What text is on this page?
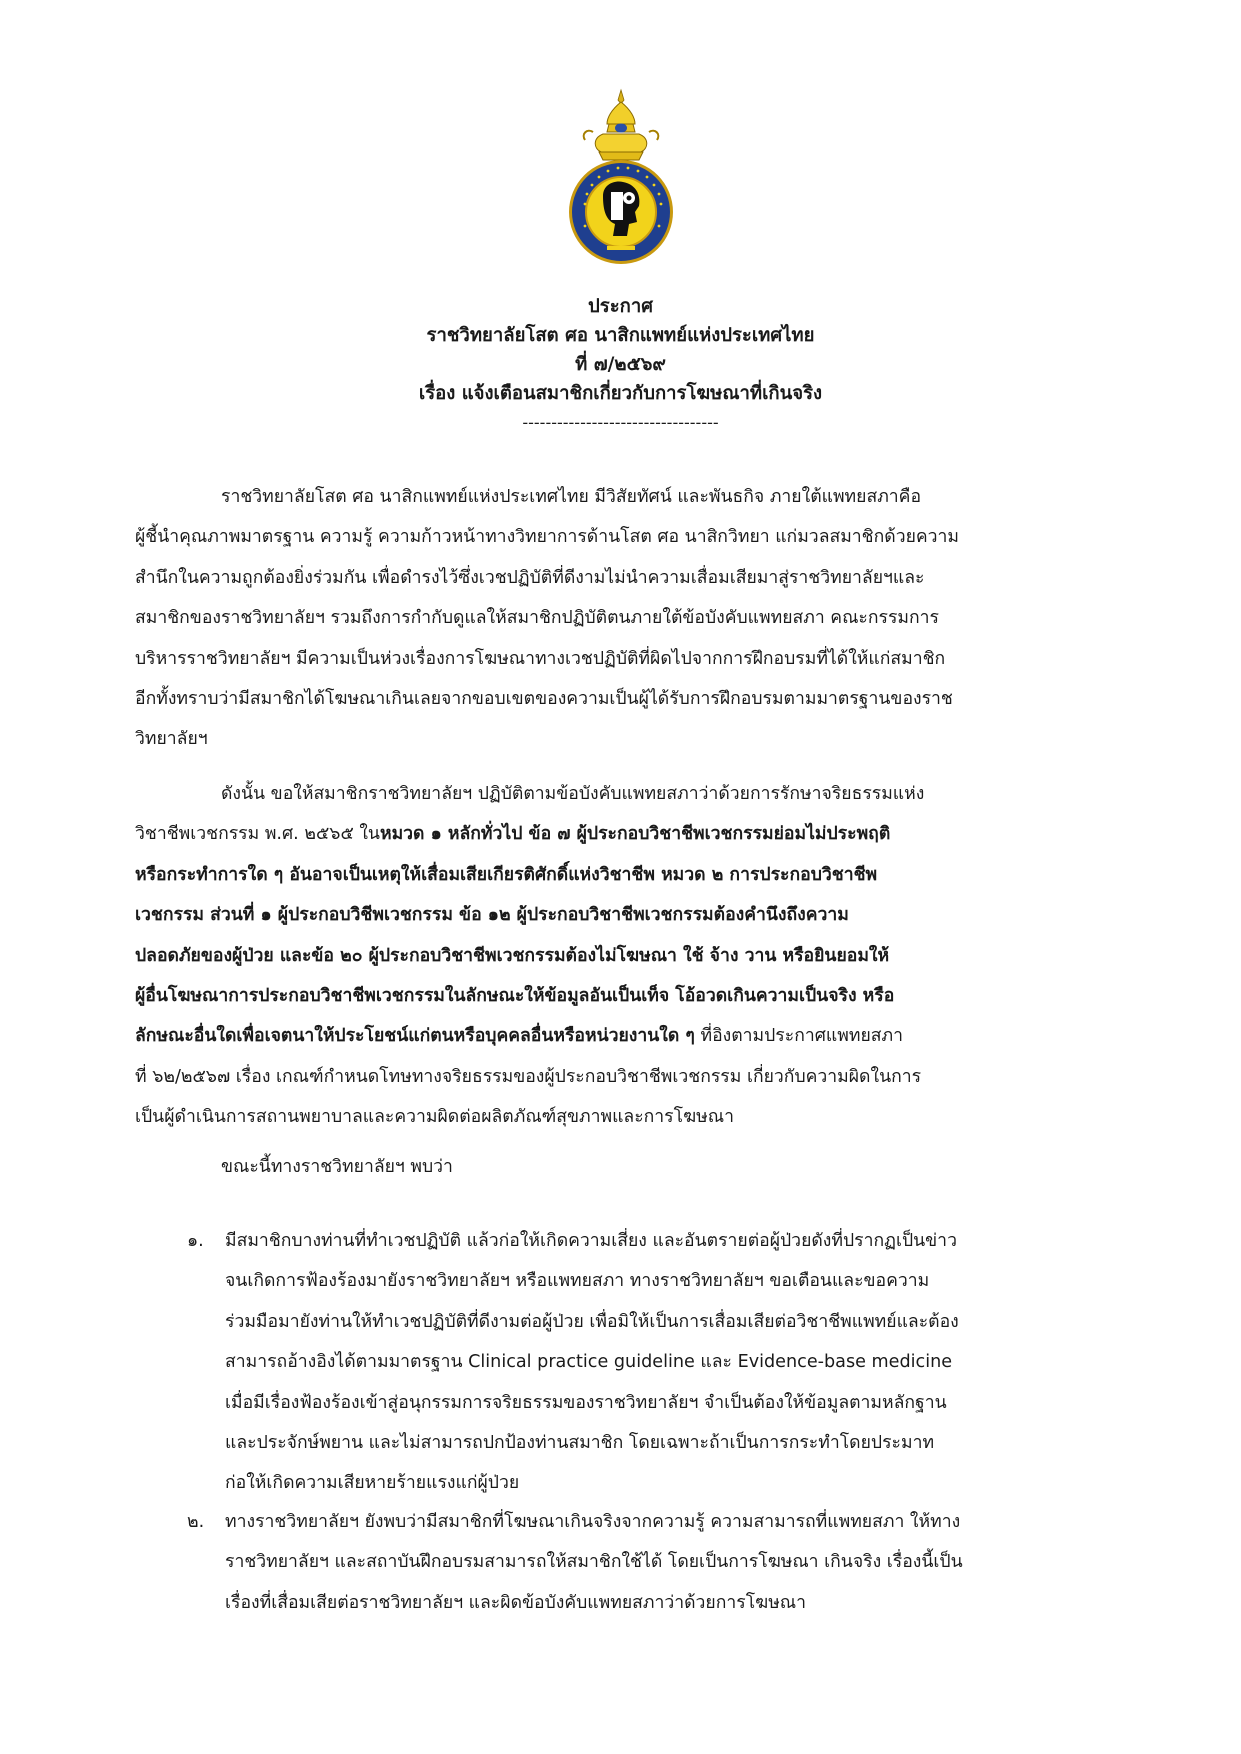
ประกาศ
ราชวิทยาลัยโสต ศอ นาสิกแพทย์แห่งประเทศไทย
ที่ ๗/๒๕๖๙
เรื่อง แจ้งเตือนสมาชิกเกี่ยวกับการโฆษณาที่เกินจริง
----------------------------------
ราชวิทยาลัยโสต ศอ นาสิกแพทย์แห่งประเทศไทย มีวิสัยทัศน์ และพันธกิจ ภายใต้แพทยสภาคือ
ผู้ชี้นำคุณภาพมาตรฐาน ความรู้ ความก้าวหน้าทางวิทยาการด้านโสต ศอ นาสิกวิทยา แก่มวลสมาชิกด้วยความ
สำนึกในความถูกต้องยิ่งร่วมกัน เพื่อดำรงไว้ซึ่งเวชปฏิบัติที่ดีงามไม่นำความเสื่อมเสียมาสู่ราชวิทยาลัยฯและ
สมาชิกของราชวิทยาลัยฯ รวมถึงการกำกับดูแลให้สมาชิกปฏิบัติตนภายใต้ข้อบังคับแพทยสภา คณะกรรมการ
บริหารราชวิทยาลัยฯ มีความเป็นห่วงเรื่องการโฆษณาทางเวชปฏิบัติที่ผิดไปจากการฝึกอบรมที่ได้ให้แก่สมาชิก
อีกทั้งทราบว่ามีสมาชิกได้โฆษณาเกินเลยจากขอบเขตของความเป็นผู้ได้รับการฝึกอบรมตามมาตรฐานของราช
วิทยาลัยฯ
ดังนั้น ขอให้สมาชิกราชวิทยาลัยฯ ปฏิบัติตามข้อบังคับแพทยสภาว่าด้วยการรักษาจริยธรรมแห่ง
วิชาชีพเวชกรรม พ.ศ. ๒๕๖๕ ในหมวด ๑ หลักทั่วไป ข้อ ๗ ผู้ประกอบวิชาชีพเวชกรรมย่อมไม่ประพฤติ
หรือกระทำการใด ๆ อันอาจเป็นเหตุให้เสื่อมเสียเกียรติศักดิ์แห่งวิชาชีพ หมวด ๒ การประกอบวิชาชีพ
เวชกรรม ส่วนที่ ๑ ผู้ประกอบวิชีพเวชกรรม ข้อ ๑๒ ผู้ประกอบวิชาชีพเวชกรรมต้องคำนึงถึงความ
ปลอดภัยของผู้ป่วย และข้อ ๒๐ ผู้ประกอบวิชาชีพเวชกรรมต้องไม่โฆษณา ใช้ จ้าง วาน หรือยินยอมให้
ผู้อื่นโฆษณาการประกอบวิชาชีพเวชกรรมในลักษณะให้ข้อมูลอันเป็นเท็จ โอ้อวดเกินความเป็นจริง หรือ
ลักษณะอื่นใดเพื่อเจตนาให้ประโยชน์แก่ตนหรือบุคคลอื่นหรือหน่วยงานใด ๆ ที่อิงตามประกาศแพทยสภา
ที่ ๖๒/๒๕๖๗ เรื่อง เกณฑ์กำหนดโทษทางจริยธรรมของผู้ประกอบวิชาชีพเวชกรรม เกี่ยวกับความผิดในการ
เป็นผู้ดำเนินการสถานพยาบาลและความผิดต่อผลิตภัณฑ์สุขภาพและการโฆษณา
ขณะนี้ทางราชวิทยาลัยฯ พบว่า
๑. มีสมาชิกบางท่านที่ทำเวชปฏิบัติ แล้วก่อให้เกิดความเสี่ยง และอันตรายต่อผู้ป่วยดังที่ปรากฏเป็นข่าว
จนเกิดการฟ้องร้องมายังราชวิทยาลัยฯ หรือแพทยสภา ทางราชวิทยาลัยฯ ขอเตือนและขอความ
ร่วมมือมายังท่านให้ทำเวชปฏิบัติที่ดีงามต่อผู้ป่วย เพื่อมิให้เป็นการเสื่อมเสียต่อวิชาชีพแพทย์และต้อง
สามารถอ้างอิงได้ตามมาตรฐาน Clinical practice guideline และ Evidence-base medicine
เมื่อมีเรื่องฟ้องร้องเข้าสู่อนุกรรมการจริยธรรมของราชวิทยาลัยฯ จำเป็นต้องให้ข้อมูลตามหลักฐาน
และประจักษ์พยาน และไม่สามารถปกป้องท่านสมาชิก โดยเฉพาะถ้าเป็นการกระทำโดยประมาท
ก่อให้เกิดความเสียหายร้ายแรงแก่ผู้ป่วย
๒. ทางราชวิทยาลัยฯ ยังพบว่ามีสมาชิกที่โฆษณาเกินจริงจากความรู้ ความสามารถที่แพทยสภา ให้ทาง
ราชวิทยาลัยฯ และสถาบันฝึกอบรมสามารถให้สมาชิกใช้ได้ โดยเป็นการโฆษณา เกินจริง เรื่องนี้เป็น
เรื่องที่เสื่อมเสียต่อราชวิทยาลัยฯ และผิดข้อบังคับแพทยสภาว่าด้วยการโฆษณา
